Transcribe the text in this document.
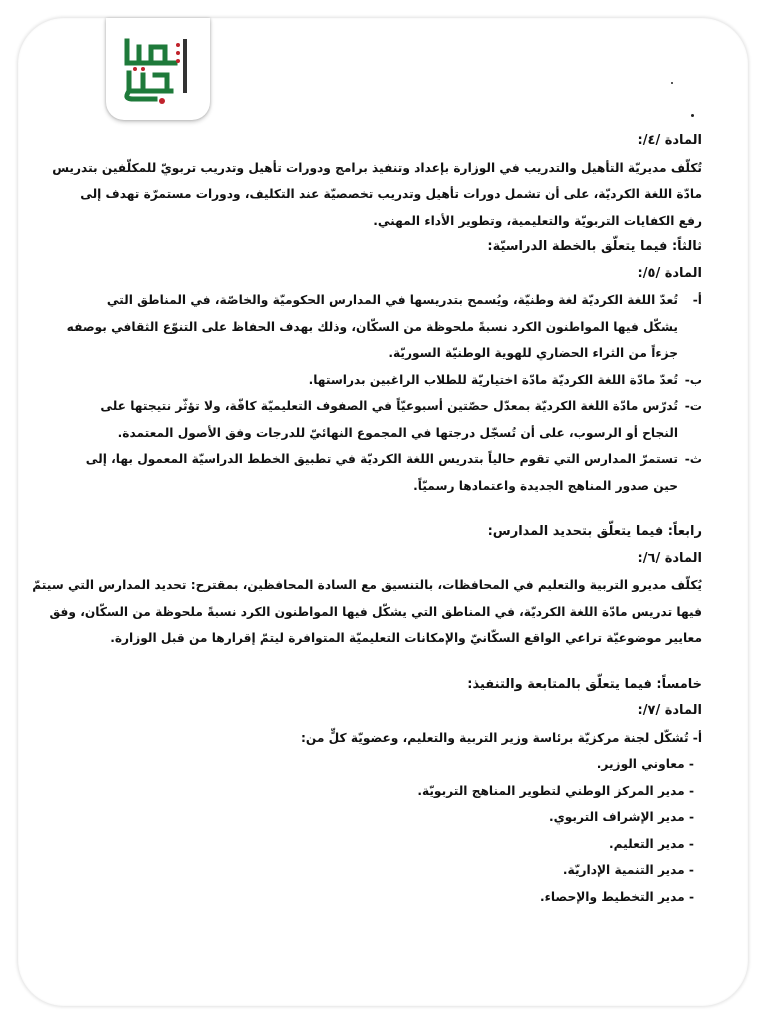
المادة /٤/:
تُكلّف مديريّة التأهيل والتدريب في الوزارة بإعداد وتنفيذ برامج ودورات تأهيل وتدريب تربويّ للمكلّفين بتدريس
مادّة اللغة الكرديّة، على أن تشمل دورات تأهيل وتدريب تخصصيّة عند التكليف، ودورات مستمرّة تهدف إلى
رفع الكفايات التربويّة والتعليمية، وتطوير الأداء المهني.
ثالثاً: فيما يتعلّق بالخطة الدراسيّة:
المادة /٥/:
أ-
تُعدّ اللغة الكرديّة لغة وطنيّة، ويُسمح بتدريسها في المدارس الحكوميّة والخاصّة، في المناطق التي
يشكّل فيها المواطنون الكرد نسبةً ملحوظة من السكّان، وذلك بهدف الحفاظ على التنوّع الثقافي بوصفه
جزءاً من الثراء الحضاري للهوية الوطنيّة السوريّة.
ب-
تُعدّ مادّة اللغة الكرديّة مادّة اختياريّة للطلاب الراغبين بدراستها.
ت-
تُدرّس مادّة اللغة الكرديّة بمعدّل حصّتين أسبوعيّاً في الصفوف التعليميّة كافّة، ولا تؤثّر نتيجتها على
النجاح أو الرسوب، على أن تُسجّل درجتها في المجموع النهائيّ للدرجات وفق الأصول المعتمدة.
ث-
تستمرّ المدارس التي تقوم حالياً بتدريس اللغة الكرديّة في تطبيق الخطط الدراسيّة المعمول بها، إلى
حين صدور المناهج الجديدة واعتمادها رسميّاً.
رابعاً: فيما يتعلّق بتحديد المدارس:
المادة /٦/:
يُكلّف مديرو التربية والتعليم في المحافظات، بالتنسيق مع السادة المحافظين، بمقترح: تحديد المدارس التي سيتمّ
فيها تدريس مادّة اللغة الكرديّة، في المناطق التي يشكّل فيها المواطنون الكرد نسبةً ملحوظة من السكّان، وفق
معايير موضوعيّة تراعي الواقع السكّانيّ والإمكانات التعليميّة المتوافرة ليتمّ إقرارها من قبل الوزارة.
خامساً: فيما يتعلّق بالمتابعة والتنفيذ:
المادة /٧/:
أ- تُشكّل لجنة مركزيّة برئاسة وزير التربية والتعليم، وعضويّة كلٍّ من:
- معاوني الوزير.
- مدير المركز الوطني لتطوير المناهج التربويّة.
- مدير الإشراف التربوي.
- مدير التعليم.
- مدير التنمية الإداريّة.
- مدير التخطيط والإحصاء.
